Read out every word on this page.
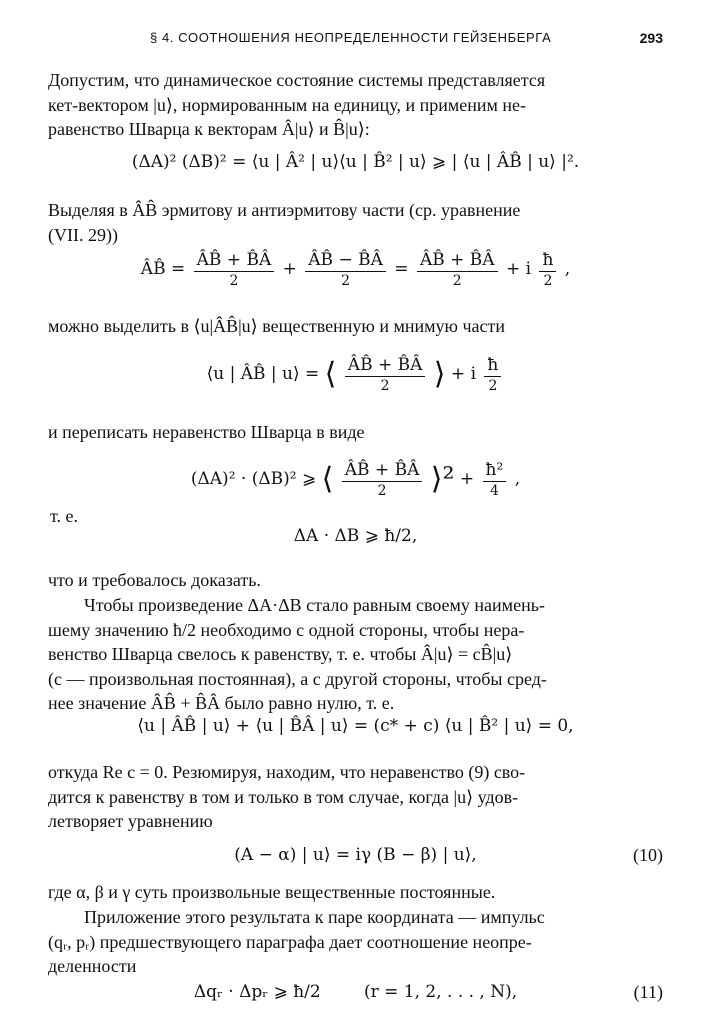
§ 4. СООТНОШЕНИЯ НЕОПРЕДЕЛЕННОСТИ ГЕЙЗЕНБЕРГА	293
Допустим, что динамическое состояние системы представляется
кет-вектором |u⟩, нормированным на единицу, и применим не-
равенство Шварца к векторам Â|u⟩ и B̂|u⟩:
(ΔA)² (ΔB)² = ⟨u | Â² | u⟩⟨u | B̂² | u⟩ ⩾ | ⟨u | ÂB̂ | u⟩ |².
Выделяя в ÂB̂ эрмитову и антиэрмитову части (ср. уравнение
(VII. 29))
ÂB̂ = $\frac{ÂB̂ + B̂Â}{2} + \frac{ÂB̂ - B̂Â}{2} = \frac{ÂB̂ + B̂Â}{2} + i \frac{ħ}{2}$ ,
можно выделить в ⟨u|ÂB̂|u⟩ вещественную и мнимую части
⟨u | ÂB̂ | u⟩ = ⟨ $\frac{ÂB̂ + B̂Â}{2}$ ⟩ + i $\frac{ħ}{2}$
и переписать неравенство Шварца в виде
(ΔA)² · (ΔB)² ⩾ ⟨ $\frac{ÂB̂ + B̂Â}{2}$ ⟩² + $\frac{\text{ħ²}}{4}$ ,
т. е.
ΔA · ΔB ⩾ ħ/2,
что и требовалось доказать.
Чтобы произведение ΔA·ΔB стало равным своему наимень-
шему значению ħ/2 необходимо с одной стороны, чтобы нера-
венство Шварца свелось к равенству, т. е. чтобы Â|u⟩ = cB̂|u⟩
(c — произвольная постоянная), а с другой стороны, чтобы сред-
нее значение ÂB̂ + B̂Â было равно нулю, т. е.
⟨u | ÂB̂ | u⟩ + ⟨u | B̂Â | u⟩ = (c* + c) ⟨u | B̂² | u⟩ = 0,
откуда Re c = 0. Резюмируя, находим, что неравенство (9) сво-
дится к равенству в том и только в том случае, когда |u⟩ удов-
летворяет уравнению
(A − α) | u⟩ = iγ (B − β) | u⟩,	(10)
где α, β и γ суть произвольные вещественные постоянные.
Приложение этого результата к паре координата — импульс
(qᵣ, pᵣ) предшествующего параграфа дает соотношение неопре-
деленности
Δqᵣ · Δpᵣ ⩾ ħ/2        (r = 1, 2, . . . , N),	(11)
